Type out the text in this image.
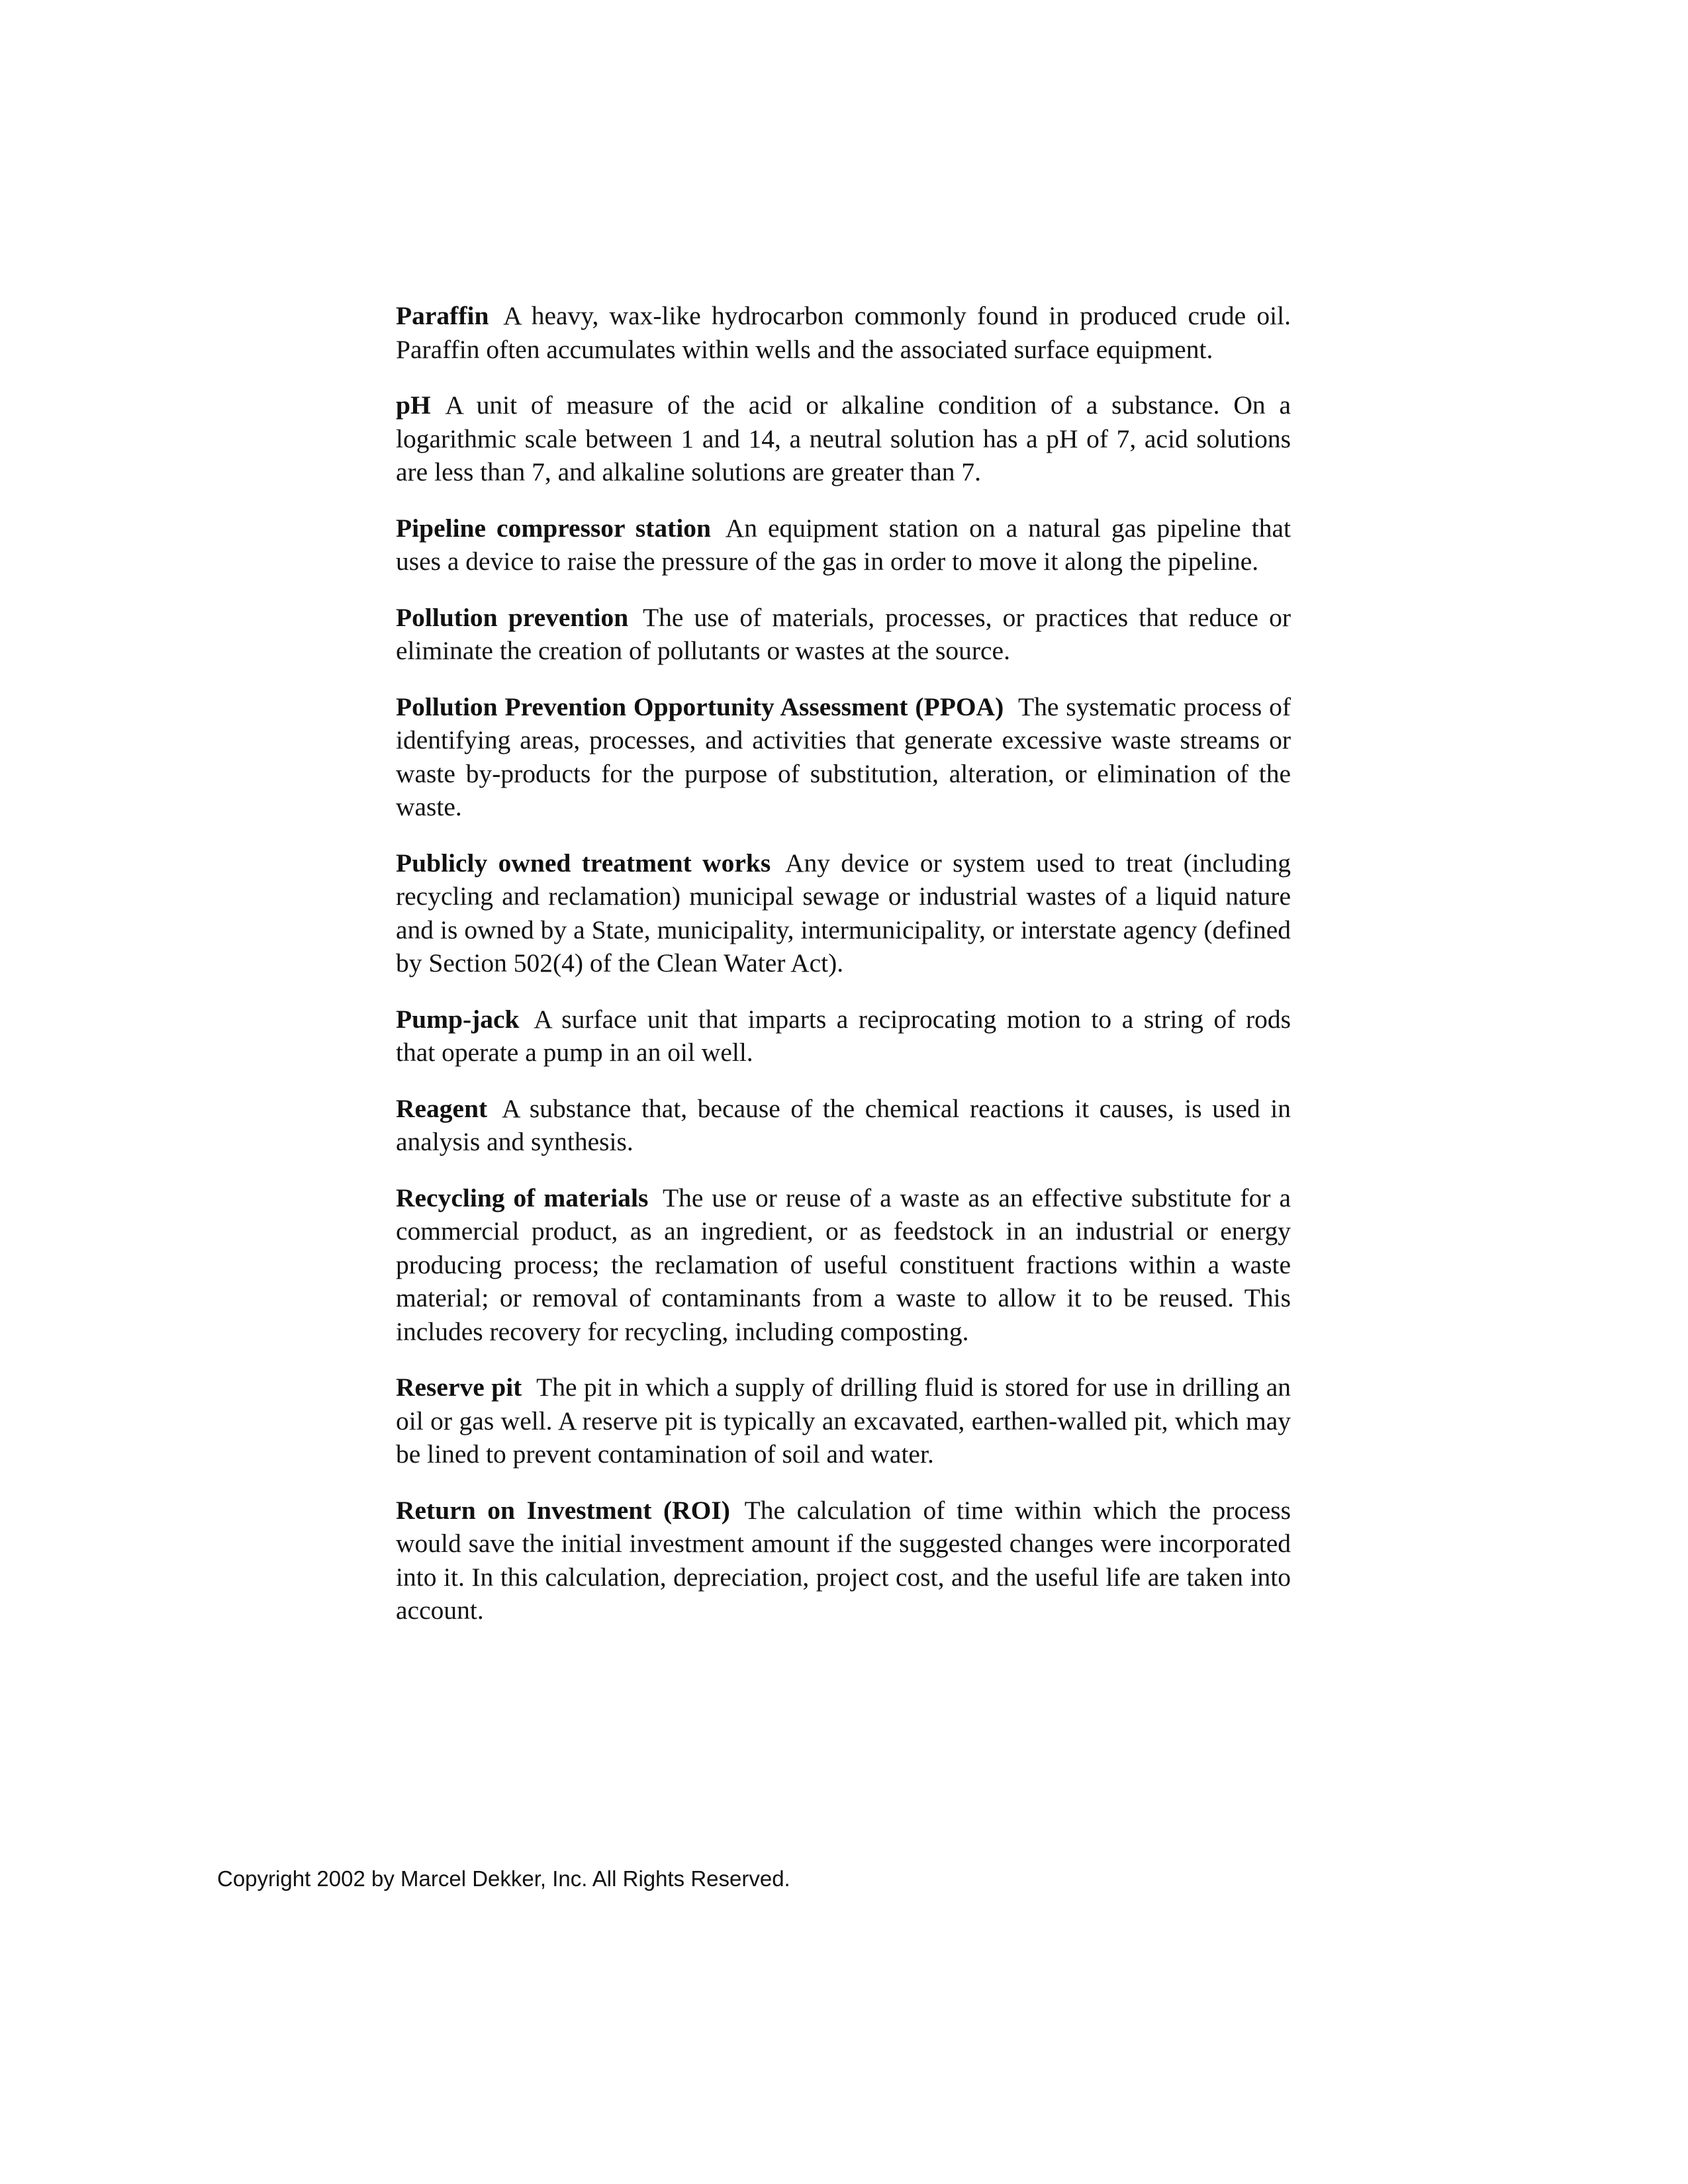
Paraffin A heavy, wax-like hydrocarbon commonly found in produced crude oil. Paraffin often accumulates within wells and the associated surface equipment.

pH A unit of measure of the acid or alkaline condition of a substance. On a logarithmic scale between 1 and 14, a neutral solution has a pH of 7, acid solutions are less than 7, and alkaline solutions are greater than 7.

Pipeline compressor station An equipment station on a natural gas pipeline that uses a device to raise the pressure of the gas in order to move it along the pipeline.

Pollution prevention The use of materials, processes, or practices that reduce or eliminate the creation of pollutants or wastes at the source.

Pollution Prevention Opportunity Assessment (PPOA) The systematic process of identifying areas, processes, and activities that generate excessive waste streams or waste by-products for the purpose of substitution, alteration, or elimination of the waste.

Publicly owned treatment works Any device or system used to treat (including recycling and reclamation) municipal sewage or industrial wastes of a liquid nature and is owned by a State, municipality, intermunicipality, or interstate agency (defined by Section 502(4) of the Clean Water Act).

Pump-jack A surface unit that imparts a reciprocating motion to a string of rods that operate a pump in an oil well.

Reagent A substance that, because of the chemical reactions it causes, is used in analysis and synthesis.

Recycling of materials The use or reuse of a waste as an effective substitute for a commercial product, as an ingredient, or as feedstock in an industrial or energy producing process; the reclamation of useful constituent fractions within a waste material; or removal of contaminants from a waste to allow it to be reused. This includes recovery for recycling, including composting.

Reserve pit The pit in which a supply of drilling fluid is stored for use in drilling an oil or gas well. A reserve pit is typically an excavated, earthen-walled pit, which may be lined to prevent contamination of soil and water.

Return on Investment (ROI) The calculation of time within which the process would save the initial investment amount if the suggested changes were incorporated into it. In this calculation, depreciation, project cost, and the useful life are taken into account.

Copyright 2002 by Marcel Dekker, Inc. All Rights Reserved.
